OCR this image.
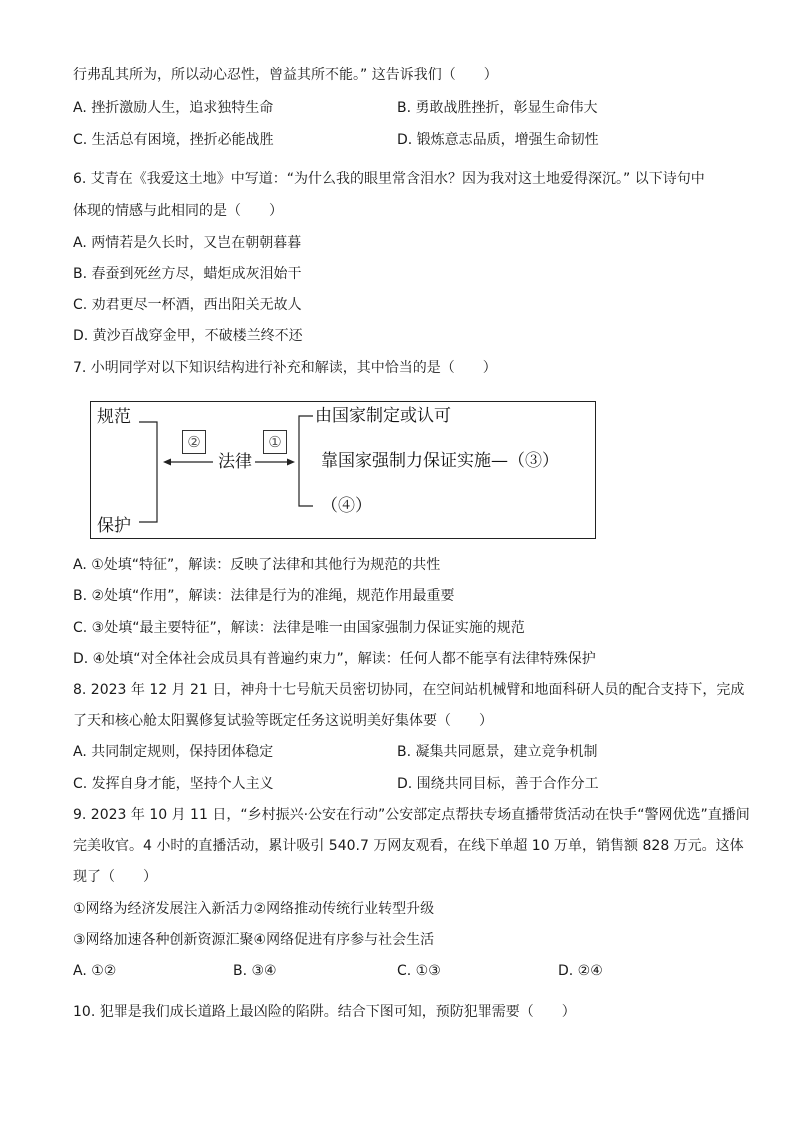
行弗乱其所为，所以动心忍性，曾益其所不能。” 这告诉我们（　　）
A. 挫折激励人生，追求独特生命	B. 勇敢战胜挫折，彰显生命伟大
C. 生活总有困境，挫折必能战胜	D. 锻炼意志品质，增强生命韧性
6. 艾青在《我爱这土地》中写道：“为什么我的眼里常含泪水？因为我对这土地爱得深沉。” 以下诗句中
体现的情感与此相同的是（　　）
A. 两情若是久长时，又岂在朝朝暮暮
B. 春蚕到死丝方尽，蜡炬成灰泪始干
C. 劝君更尽一杯酒，西出阳关无故人
D. 黄沙百战穿金甲，不破楼兰终不还
7. 小明同学对以下知识结构进行补充和解读，其中恰当的是（　　）
规范
保护
法律
②	①
由国家制定或认可
靠国家强制力保证实施—（③）
（④）
A. ①处填“特征”，解读：反映了法律和其他行为规范的共性
B. ②处填“作用”，解读：法律是行为的准绳，规范作用最重要
C. ③处填“最主要特征”，解读：法律是唯一由国家强制力保证实施的规范
D. ④处填“对全体社会成员具有普遍约束力”，解读：任何人都不能享有法律特殊保护
8. 2023 年 12 月 21 日，神舟十七号航天员密切协同，在空间站机械臂和地面科研人员的配合支持下，完成
了天和核心舱太阳翼修复试验等既定任务这说明美好集体要（　　）
A. 共同制定规则，保持团体稳定	B. 凝集共同愿景，建立竞争机制
C. 发挥自身才能，坚持个人主义	D. 围绕共同目标，善于合作分工
9. 2023 年 10 月 11 日，“乡村振兴·公安在行动”公安部定点帮扶专场直播带货活动在快手“警网优选”直播间
完美收官。4 小时的直播活动，累计吸引 540.7 万网友观看，在线下单超 10 万单，销售额 828 万元。这体
现了（　　）
①网络为经济发展注入新活力②网络推动传统行业转型升级
③网络加速各种创新资源汇聚④网络促进有序参与社会生活
A. ①②	B. ③④	C. ①③	D. ②④
10. 犯罪是我们成长道路上最凶险的陷阱。结合下图可知，预防犯罪需要（　　）
